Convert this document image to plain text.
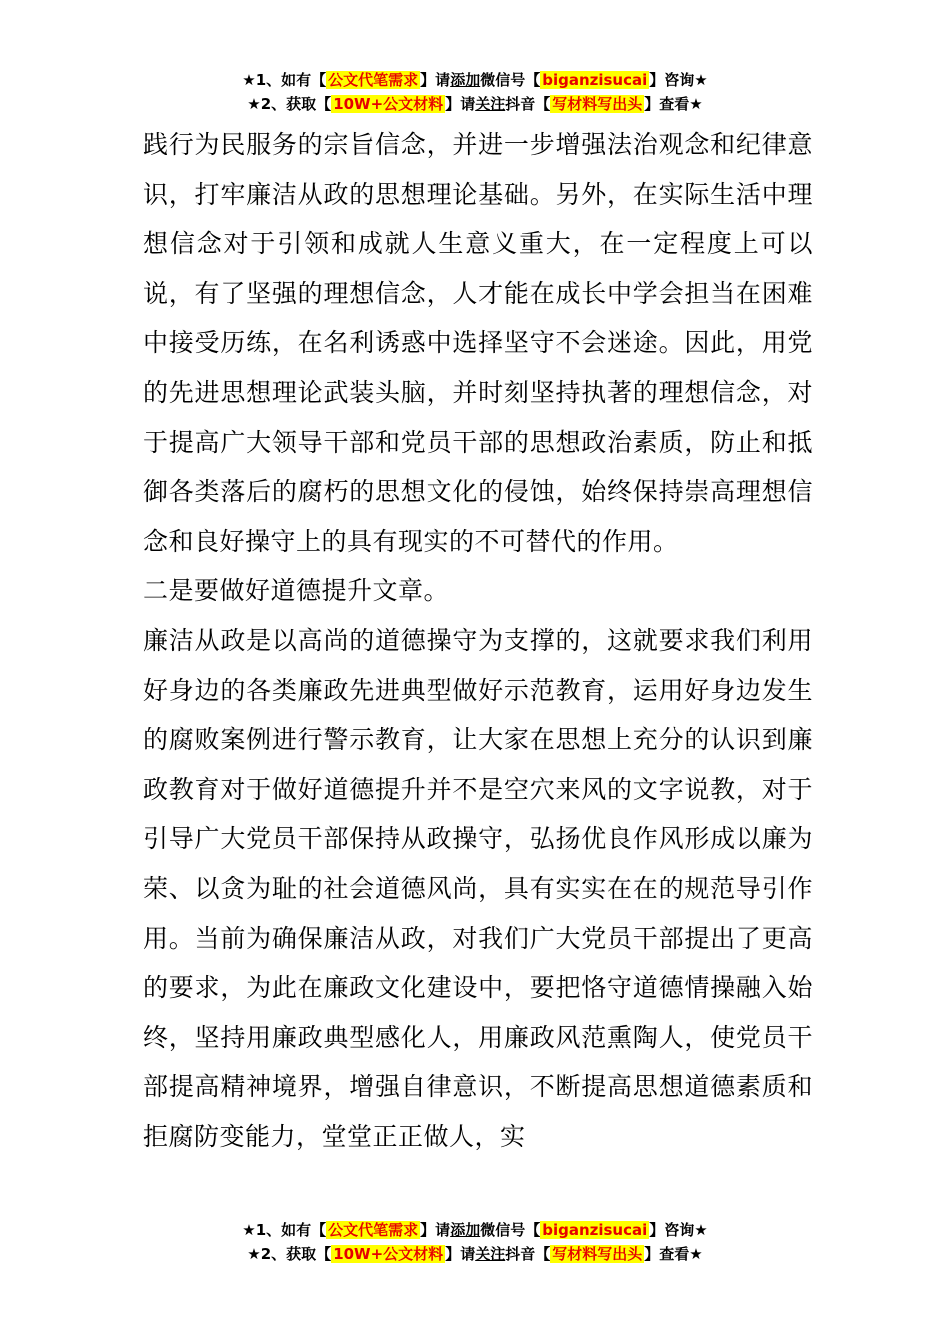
★1、如有【 公文代笔需求 】请添加微信号【 biganzisucai 】咨询★
★2、获取【 10W+公文材料 】请关注抖音【 写材料写出头 】查看★

践行为民服务的宗旨信念，并进一步增强法治观念和纪律意识，打牢廉洁从政的思想理论基础。另外，在实际生活中理想信念对于引领和成就人生意义重大，在一定程度上可以说，有了坚强的理想信念，人才能在成长中学会担当在困难中接受历练，在名利诱惑中选择坚守不会迷途。因此，用党的先进思想理论武装头脑，并时刻坚持执著的理想信念，对于提高广大领导干部和党员干部的思想政治素质，防止和抵御各类落后的腐朽的思想文化的侵蚀，始终保持崇高理想信念和良好操守上的具有现实的不可替代的作用。

二是要做好道德提升文章。

廉洁从政是以高尚的道德操守为支撑的，这就要求我们利用好身边的各类廉政先进典型做好示范教育，运用好身边发生的腐败案例进行警示教育，让大家在思想上充分的认识到廉政教育对于做好道德提升并不是空穴来风的文字说教，对于引导广大党员干部保持从政操守，弘扬优良作风形成以廉为荣、以贪为耻的社会道德风尚，具有实实在在的规范导引作用。当前为确保廉洁从政，对我们广大党员干部提出了更高的要求，为此在廉政文化建设中，要把恪守道德情操融入始终，坚持用廉政典型感化人，用廉政风范熏陶人，使党员干部提高精神境界，增强自律意识，不断提高思想道德素质和拒腐防变能力，堂堂正正做人，实

★1、如有【 公文代笔需求 】请添加微信号【 biganzisucai 】咨询★
★2、获取【 10W+公文材料 】请关注抖音【 写材料写出头 】查看★
